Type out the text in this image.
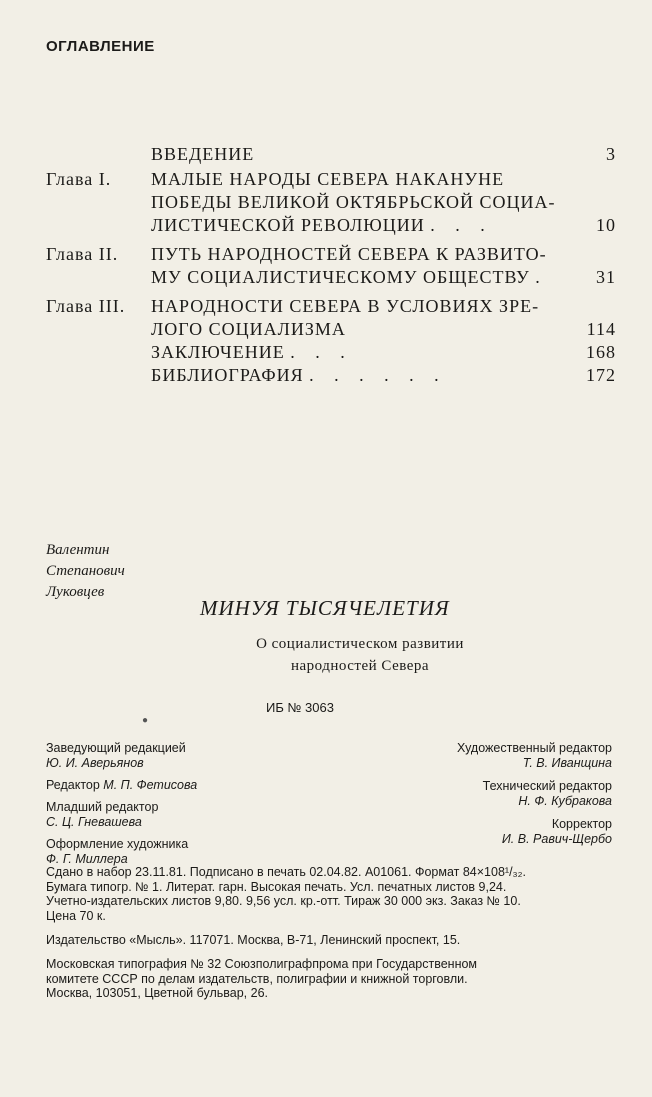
ОГЛАВЛЕНИЕ
ВВЕДЕНИЕ	3
Глава I.	МАЛЫЕ НАРОДЫ СЕВЕРА НАКАНУНЕ
ПОБЕДЫ ВЕЛИКОЙ ОКТЯБРЬСКОЙ СОЦИА-
ЛИСТИЧЕСКОЙ РЕВОЛЮЦИИ . . .	10
Глава II.	ПУТЬ НАРОДНОСТЕЙ СЕВЕРА К РАЗВИТО-
МУ СОЦИАЛИСТИЧЕСКОМУ ОБЩЕСТВУ .	31
Глава III.	НАРОДНОСТИ СЕВЕРА В УСЛОВИЯХ ЗРЕ-
ЛОГО СОЦИАЛИЗМА	114
ЗАКЛЮЧЕНИЕ . . .	168
БИБЛИОГРАФИЯ . . . . . .	172
Валентин
Степанович
Луковцев
МИНУЯ ТЫСЯЧЕЛЕТИЯ
О социалистическом развитии
народностей Севера
ИБ № 3063
●
Заведующий редакцией
Ю. И. Аверьянов
Редактор М. П. Фетисова
Младший редактор
С. Ц. Гневашева
Оформление художника
Ф. Г. Миллера
Художественный редактор
Т. В. Иванщина
Технический редактор
Н. Ф. Кубракова
Корректор
И. В. Равич-Щербо
Сдано в набор 23.11.81. Подписано в печать 02.04.82. А01061. Формат 84×108¹/₃₂.
Бумага типогр. № 1. Литерат. гарн. Высокая печать. Усл. печатных листов 9,24.
Учетно-издательских листов 9,80. 9,56 усл. кр.-отт. Тираж 30 000 экз. Заказ № 10.
Цена 70 к.
Издательство «Мысль». 117071. Москва, В-71, Ленинский проспект, 15.
Московская типография № 32 Союзполиграфпрома при Государственном
комитете СССР по делам издательств, полиграфии и книжной торговли.
Москва, 103051, Цветной бульвар, 26.
